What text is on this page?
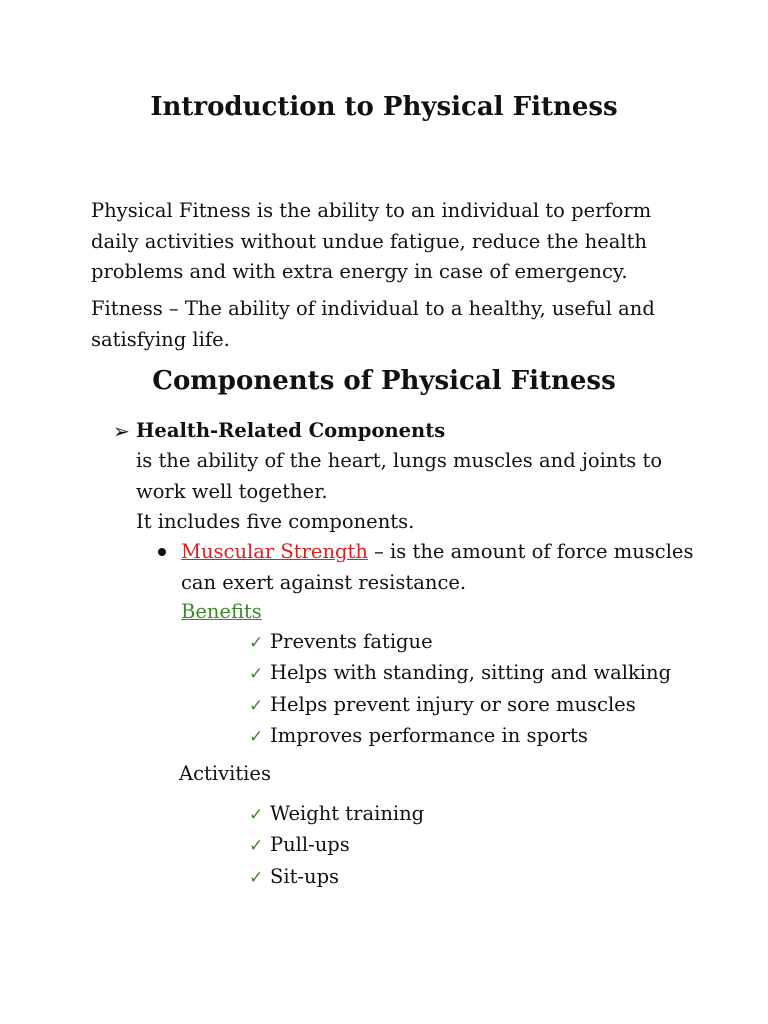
Introduction to Physical Fitness

Physical Fitness is the ability to an individual to perform daily activities without undue fatigue, reduce the health problems and with extra energy in case of emergency.

Fitness – The ability of individual to a healthy, useful and satisfying life.

Components of Physical Fitness
➢ Health-Related Components

is the ability of the heart, lungs muscles and joints to work well together.

It includes five components.

Muscular Strength – is the amount of force muscles can exert against resistance.

Benefits

✓ Prevents fatigue
✓ Helps with standing, sitting and walking
✓ Helps prevent injury or sore muscles
✓ Improves performance in sports

Activities

✓ Weight training
✓ Pull-ups
✓ Sit-ups
